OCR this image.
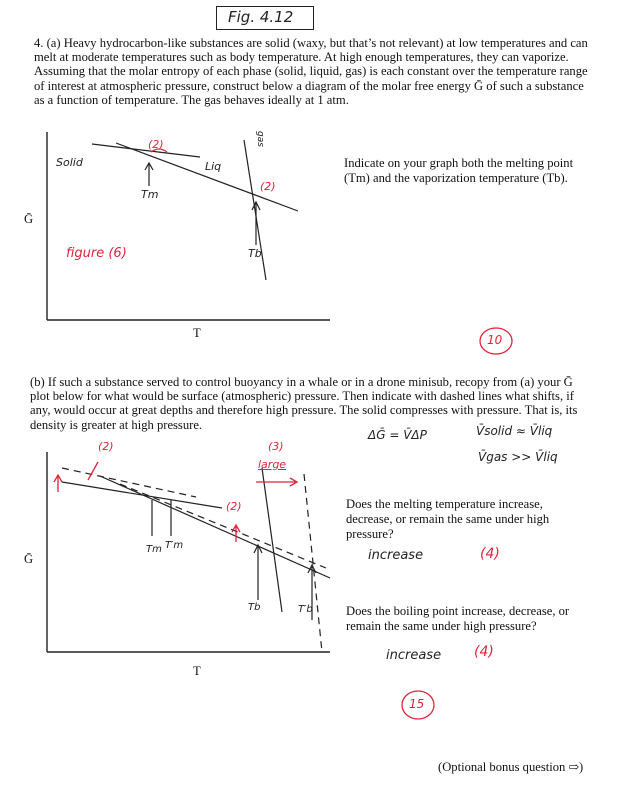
Fig. 4.12
4. (a) Heavy hydrocarbon-like substances are solid (waxy, but that’s not relevant) at low temperatures and can melt at moderate temperatures such as body temperature. At high enough temperatures, they can vaporize. Assuming that the molar entropy of each phase (solid, liquid, gas) is each constant over the temperature range of interest at atmospheric pressure, construct below a diagram of the molar free energy Ḡ of such a substance as a function of temperature. The gas behaves ideally at 1 atm.
Ḡ
T
Solid	Liq
gas
Tm
Tb
(2)
(2)
figure (6)
Indicate on your graph both the melting point (Tm) and the vaporization temperature (Tb).
10
(b) If such a substance served to control buoyancy in a whale or in a drone minisub, recopy from (a) your Ḡ plot below for what would be surface (atmospheric) pressure. Then indicate with dashed lines what shifts, if any, would occur at great depths and therefore high pressure. The solid compresses with pressure. That is, its density is greater at high pressure.
ΔḠ = V̄ΔP	V̄solid ≈ V̄liq
V̄gas >> V̄liq
(2)	(3)
large
(2)
Ḡ
T
Tm T′m
Tb	T′b
Does the melting temperature increase, decrease, or remain the same under high pressure?
increase	(4)
Does the boiling point increase, decrease, or remain the same under high pressure?
increase (4)
15
(Optional bonus question ⇨)
